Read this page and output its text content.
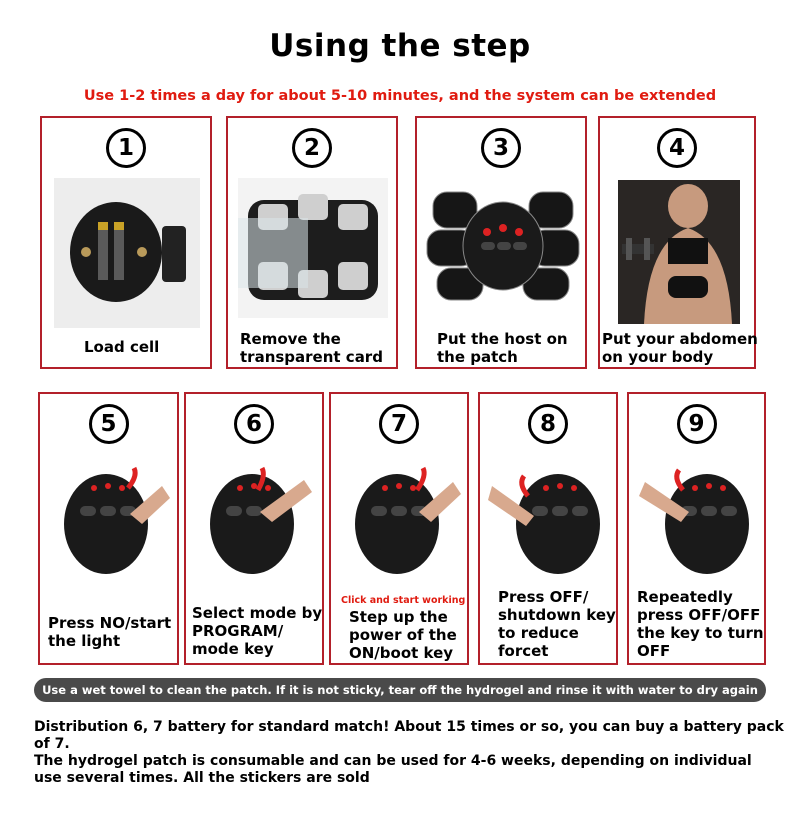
Using the step
Use 1-2 times a day for about 5-10 minutes, and the system can be extended
1
Load cell
2
Remove the transparent card
3
Put the host on the patch
4
Put your abdomen on your body
5
Press NO/start the light
6
Select mode by PROGRAM/ mode key
7
Click and start working
Step up the power of the ON/boot key
8
Press OFF/ shutdown key to reduce forcet
9
Repeatedly press OFF/OFF the key to turn OFF
Use a wet towel to clean the patch. If it is not sticky, tear off the hydrogel and rinse it with water to dry again

Distribution 6, 7 battery for standard match! About 15 times or so, you can buy a battery pack of 7.

The hydrogel patch is consumable and can be used for 4-6 weeks, depending on individual use several times. All the stickers are sold
